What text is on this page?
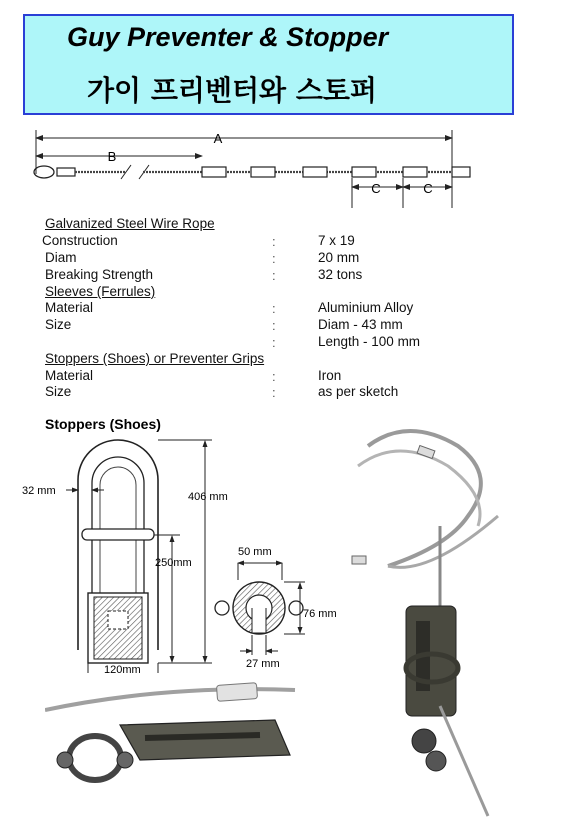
Guy Preventer & Stopper
가이 프리벤터와 스토퍼
A
B
C	C
Galvanized Steel Wire Rope
Construction	:	7 x 19
Diam	:	20 mm
Breaking Strength	:	32 tons
Sleeves (Ferrules)
Material	:	Aluminium Alloy
Size	:	Diam - 43 mm
:	Length - 100 mm
Stoppers (Shoes) or Preventer Grips
Material	:	Iron
Size	:	as per sketch
Stoppers (Shoes)
32 mm	406 mm
250mm
120mm
50 mm
76 mm
27 mm
